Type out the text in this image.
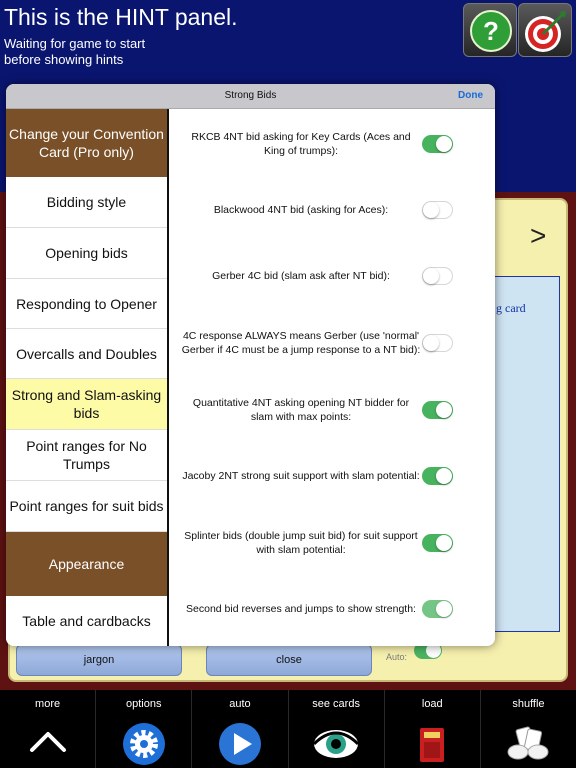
This is the HINT panel.
Waiting for game to start
before showing hints
?
>
g card
jargon	close	Auto:
more	options	auto	see cards	load	shuffle
Strong Bids	Done
Change your Convention Card (Pro only)
Bidding style
Opening bids
Responding to Opener
Overcalls and Doubles
Strong and Slam-asking bids
Point ranges for No Trumps
Point ranges for suit bids
Appearance
Table and cardbacks
RKCB 4NT bid asking for Key Cards (Aces and King of trumps):
Blackwood 4NT bid (asking for Aces):
Gerber 4C bid (slam ask after NT bid):
4C response ALWAYS means Gerber (use 'normal' Gerber if 4C must be a jump response to a NT bid):
Quantitative 4NT asking opening NT bidder for slam with max points:
Jacoby 2NT strong suit support with slam potential:
Splinter bids (double jump suit bid) for suit support with slam potential:
Second bid reverses and jumps to show strength:
